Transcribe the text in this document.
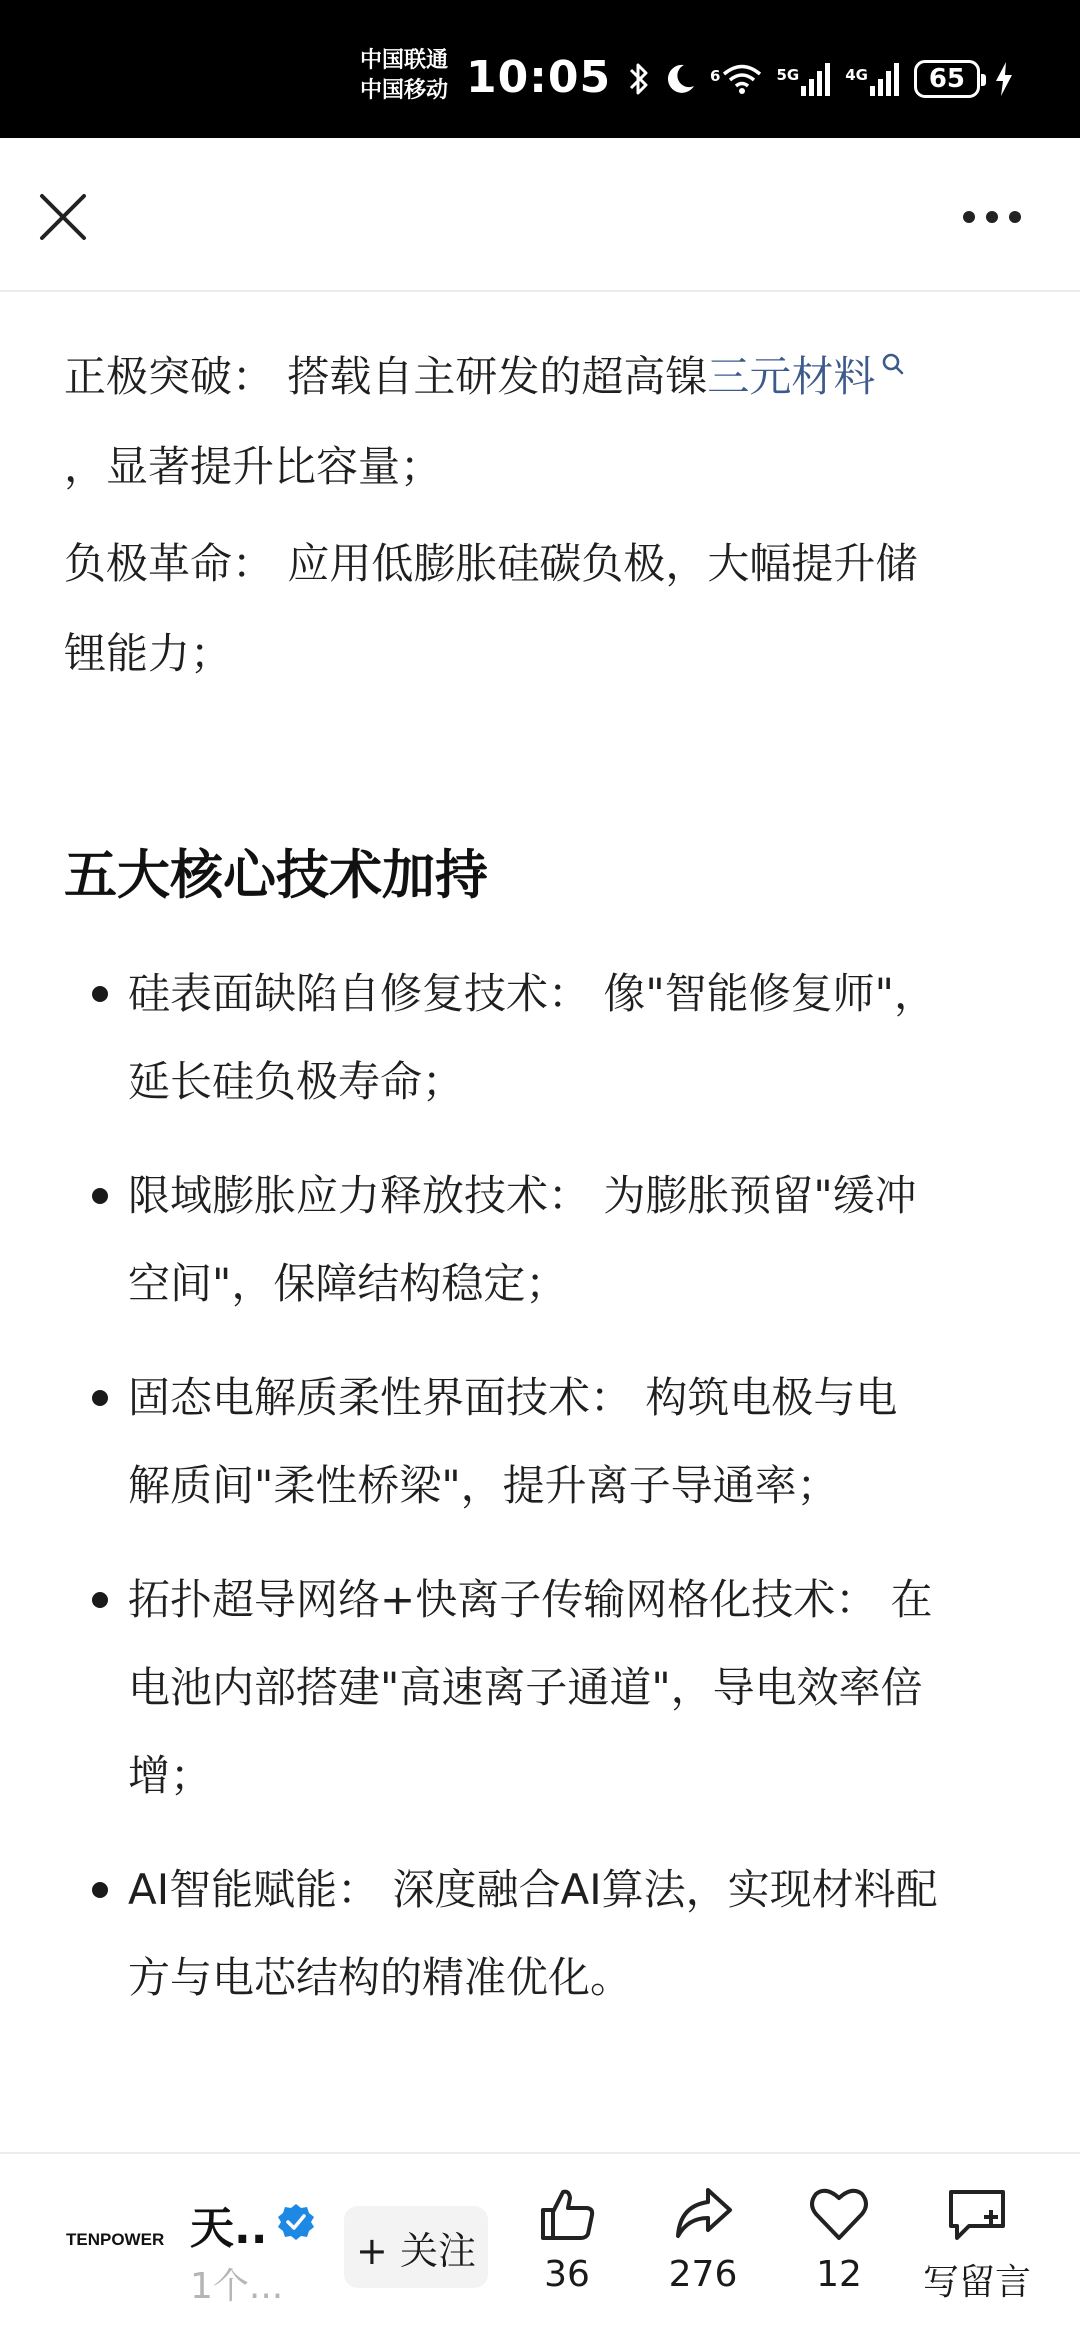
中国联通
中国移动 10:05	6	5G	4G	65

正极突破： 搭载自主研发的超高镍三元材料
，显著提升比容量；

负极革命： 应用低膨胀硅碳负极，大幅提升储
锂能力；

五大核心技术加持
硅表面缺陷自修复技术： 像"智能修复师"，
延长硅负极寿命；
限域膨胀应力释放技术： 为膨胀预留"缓冲
空间"，保障结构稳定；
固态电解质柔性界面技术： 构筑电极与电
解质间"柔性桥梁"，提升离子导通率；
拓扑超导网络+快离子传输网格化技术： 在
电池内部搭建"高速离子通道"，导电效率倍
增；
AI智能赋能： 深度融合AI算法，实现材料配
方与电芯结构的精准优化。
TENPOWER 天..
1个...
+ 关注
36	276	12	写留言
